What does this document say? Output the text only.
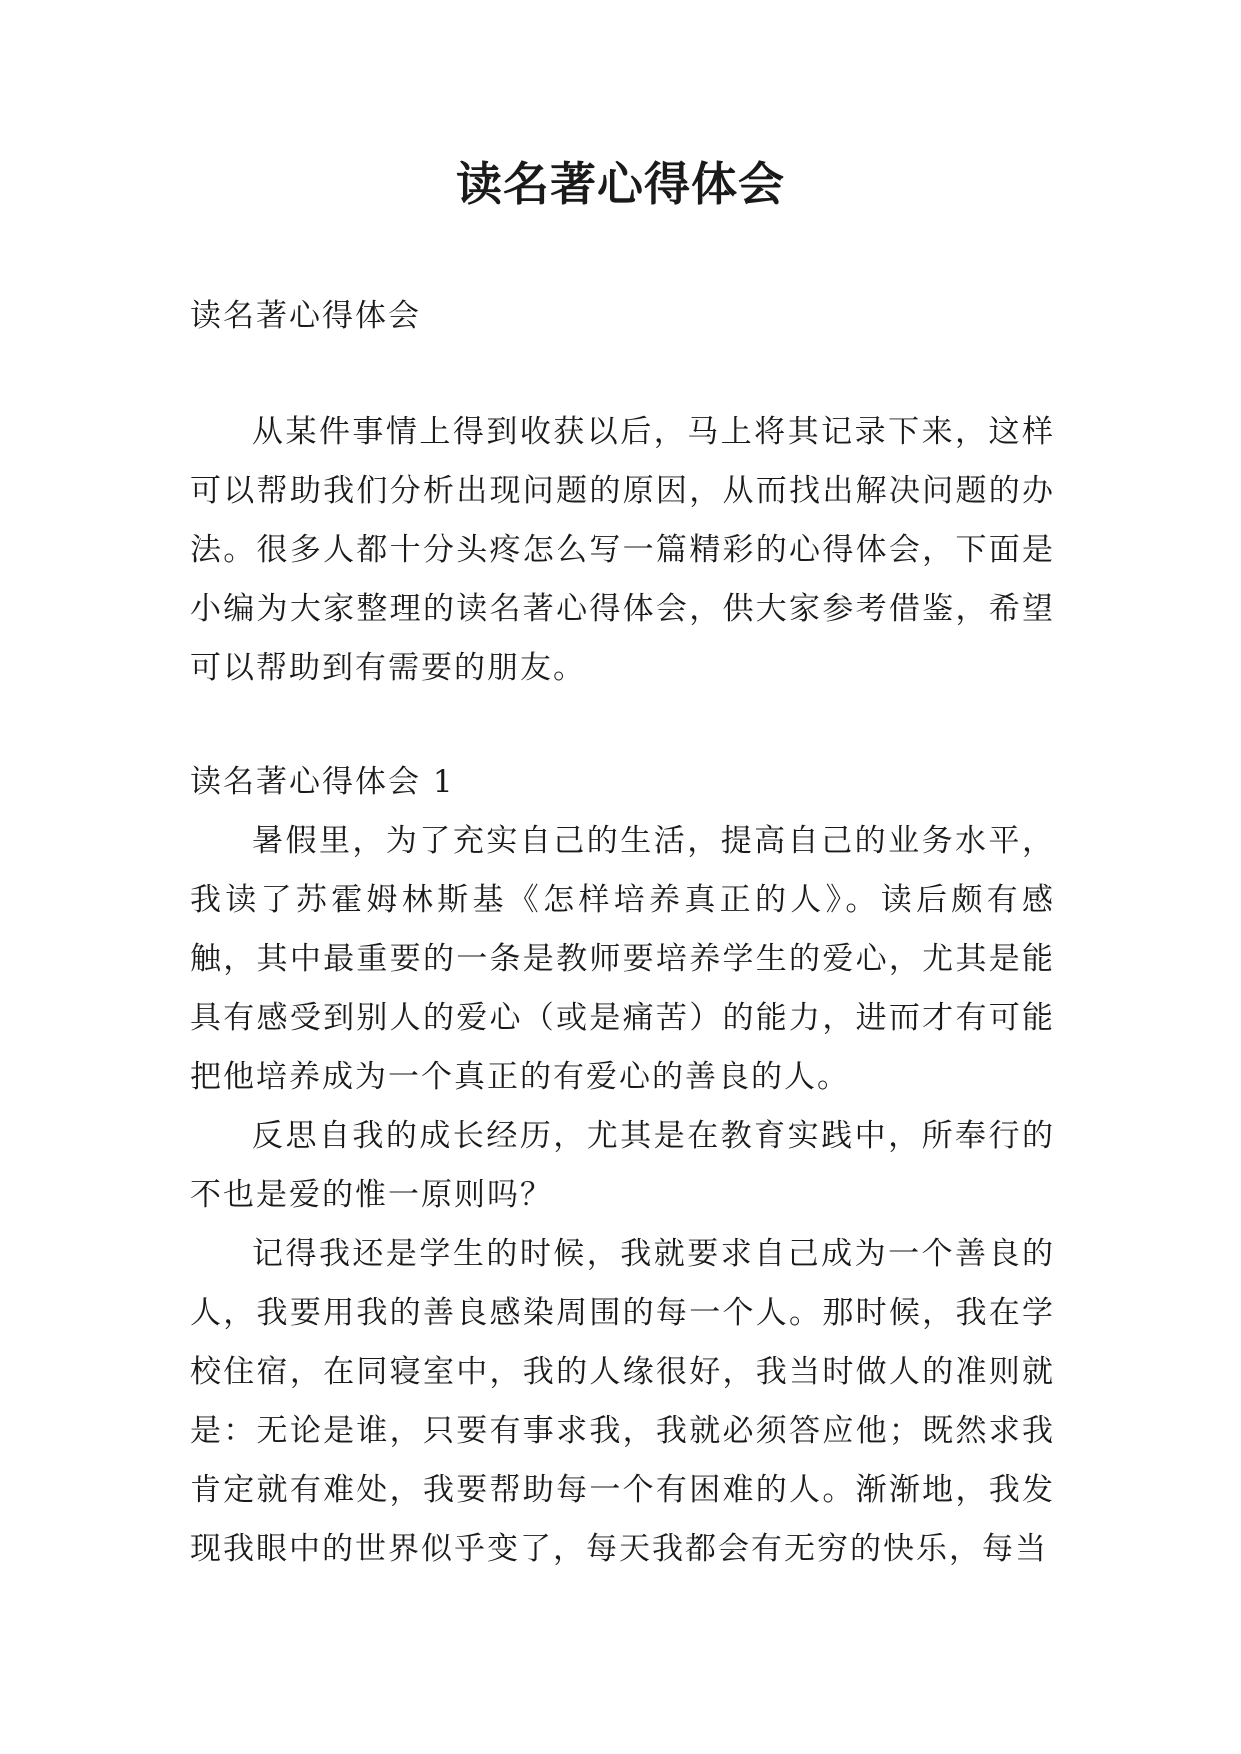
读名著心得体会

读名著心得体会

从某件事情上得到收获以后，马上将其记录下来，这样可以帮助我们分析出现问题的原因，从而找出解决问题的办法。很多人都十分头疼怎么写一篇精彩的心得体会，下面是小编为大家整理的读名著心得体会，供大家参考借鉴，希望可以帮助到有需要的朋友。

读名著心得体会 1

暑假里，为了充实自己的生活，提高自己的业务水平，我读了苏霍姆林斯基《怎样培养真正的人》。读后颇有感触，其中最重要的一条是教师要培养学生的爱心，尤其是能具有感受到别人的爱心（或是痛苦）的能力，进而才有可能把他培养成为一个真正的有爱心的善良的人。

反思自我的成长经历，尤其是在教育实践中，所奉行的不也是爱的惟一原则吗？

记得我还是学生的时候，我就要求自己成为一个善良的人，我要用我的善良感染周围的每一个人。那时候，我在学校住宿，在同寝室中，我的人缘很好，我当时做人的准则就是：无论是谁，只要有事求我，我就必须答应他；既然求我肯定就有难处，我要帮助每一个有困难的人。渐渐地，我发现我眼中的世界似乎变了，每天我都会有无穷的快乐，每当
